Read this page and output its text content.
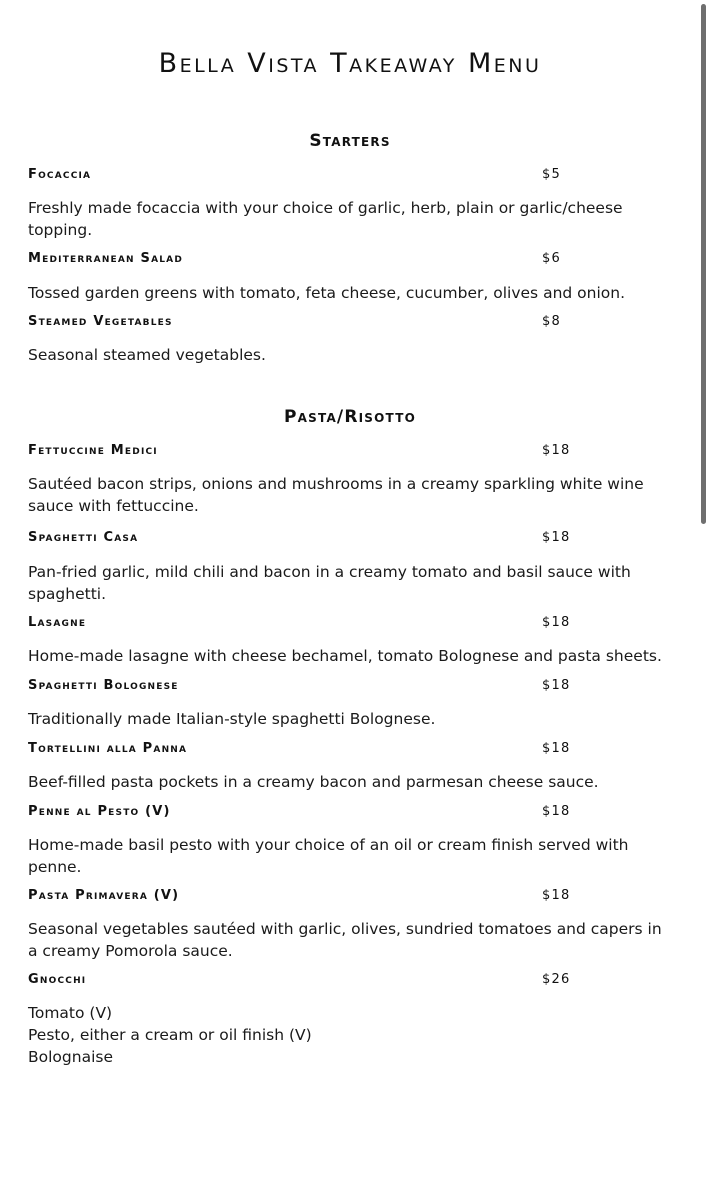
Bella Vista Takeaway Menu
Starters
Focaccia	$5

Freshly made focaccia with your choice of garlic, herb, plain or garlic/cheese topping.

Mediterranean Salad	$6

Tossed garden greens with tomato, feta cheese, cucumber, olives and onion.

Steamed Vegetables	$8

Seasonal steamed vegetables.

Pasta/Risotto
Fettuccine Medici	$18

Sautéed bacon strips, onions and mushrooms in a creamy sparkling white wine sauce with fettuccine.

Spaghetti Casa	$18

Pan-fried garlic, mild chili and bacon in a creamy tomato and basil sauce with spaghetti.

Lasagne	$18

Home-made lasagne with cheese bechamel, tomato Bolognese and pasta sheets.

Spaghetti Bolognese	$18

Traditionally made Italian-style spaghetti Bolognese.

Tortellini alla Panna	$18

Beef-filled pasta pockets in a creamy bacon and parmesan cheese sauce.

Penne al Pesto (V)	$18

Home-made basil pesto with your choice of an oil or cream finish served with penne.

Pasta Primavera (V)	$18

Seasonal vegetables sautéed with garlic, olives, sundried tomatoes and capers in a creamy Pomorola sauce.

Gnocchi	$26

Tomato (V)

Pesto, either a cream or oil finish (V)

Bolognaise
